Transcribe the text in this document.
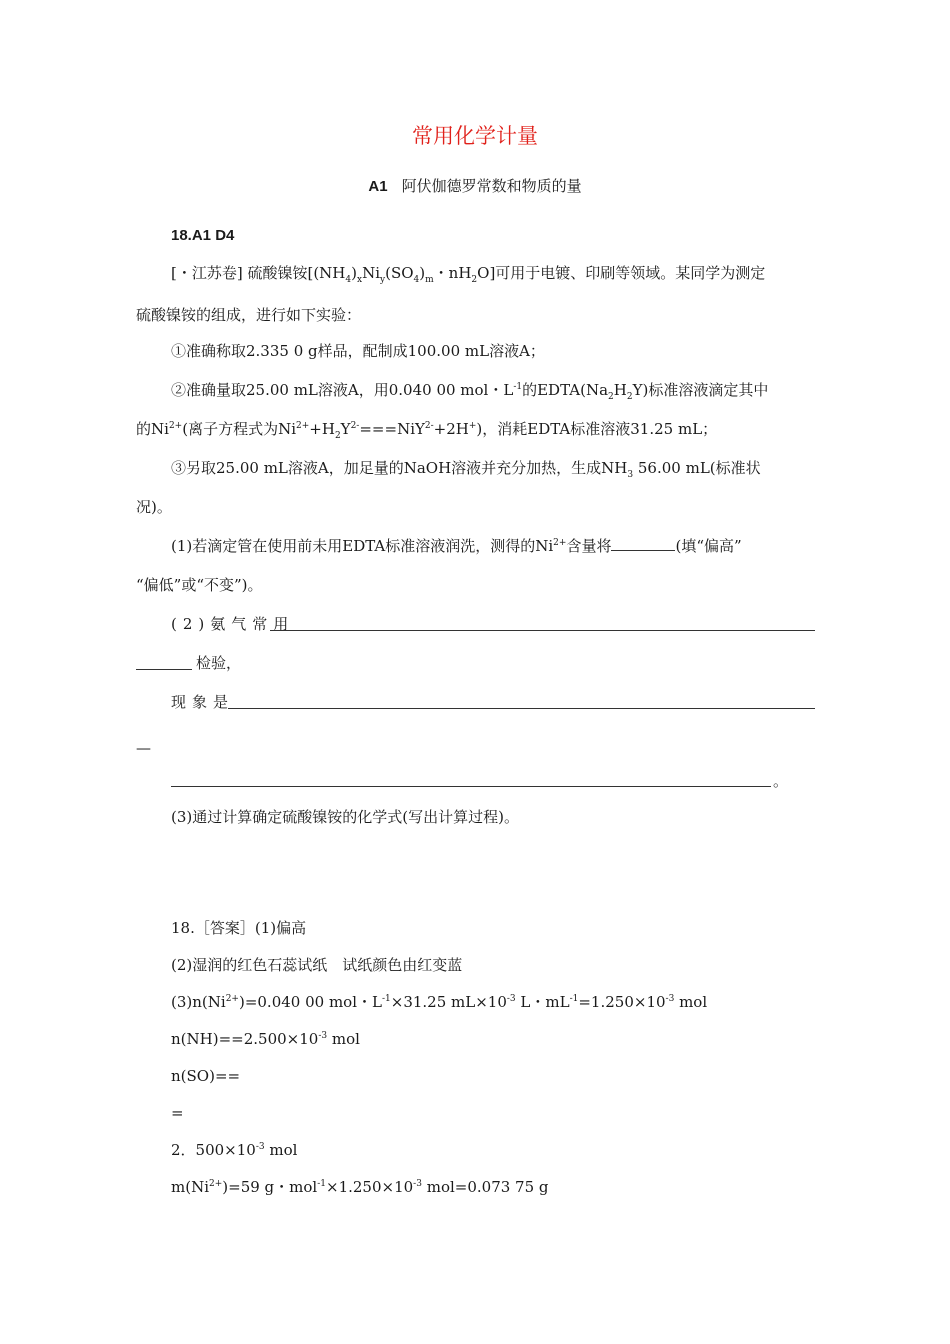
常用化学计量
A1 阿伏伽德罗常数和物质的量
18.A1 D4
[・江苏卷] 硫酸镍铵[$(NH_4)_xNi_y(SO_4)_m$・$nH_2O$]可用于电镀、印刷等领域。某同学为测定
硫酸镍铵的组成，进行如下实验：
①准确称取2.335 0 g样品，配制成100.00 mL溶液A；
②准确量取25.00 mL溶液A，用0.040 00 mol・$L^{-1}$的$EDTA(Na_2H_2Y)$标准溶液滴定其中
的$Ni^{2+}$(离子方程式为$Ni^{2+}+H_2Y^{2-}===NiY^{2-}+2H^+$)，消耗EDTA标准溶液31.25 mL；
③另取25.00 mL溶液A，加足量的NaOH溶液并充分加热，生成$NH_3$ 56.00 mL(标准状
况)。
(1)若滴定管在使用前未用EDTA标准溶液润洗，测得的$Ni^{2+}$含量将	(填“偏高”
“偏低”或“不变”)。
(2)氨气常用
检验，
现象是
—
。
(3)通过计算确定硫酸镍铵的化学式(写出计算过程)。
18.［答案］(1)偏高
(2)湿润的红色石蕊试纸　试纸颜色由红变蓝
$(3)n(Ni^{2+})=0.040$ 00 mol・$L^{-1}\times 31.25$ $mL\times 10^{-3}$ L・$mL^{-1}=1.250\times 10^{-3}$ mol
$n(NH)==2.500\times 10^{-3}$ mol
n(SO)==
=
2．$500\times 10^{-3}$ mol
$m(Ni^{2+})=59$ g・$mol^{-1}\times 1.250\times 10^{-3}$ mol=0.073 75 g
